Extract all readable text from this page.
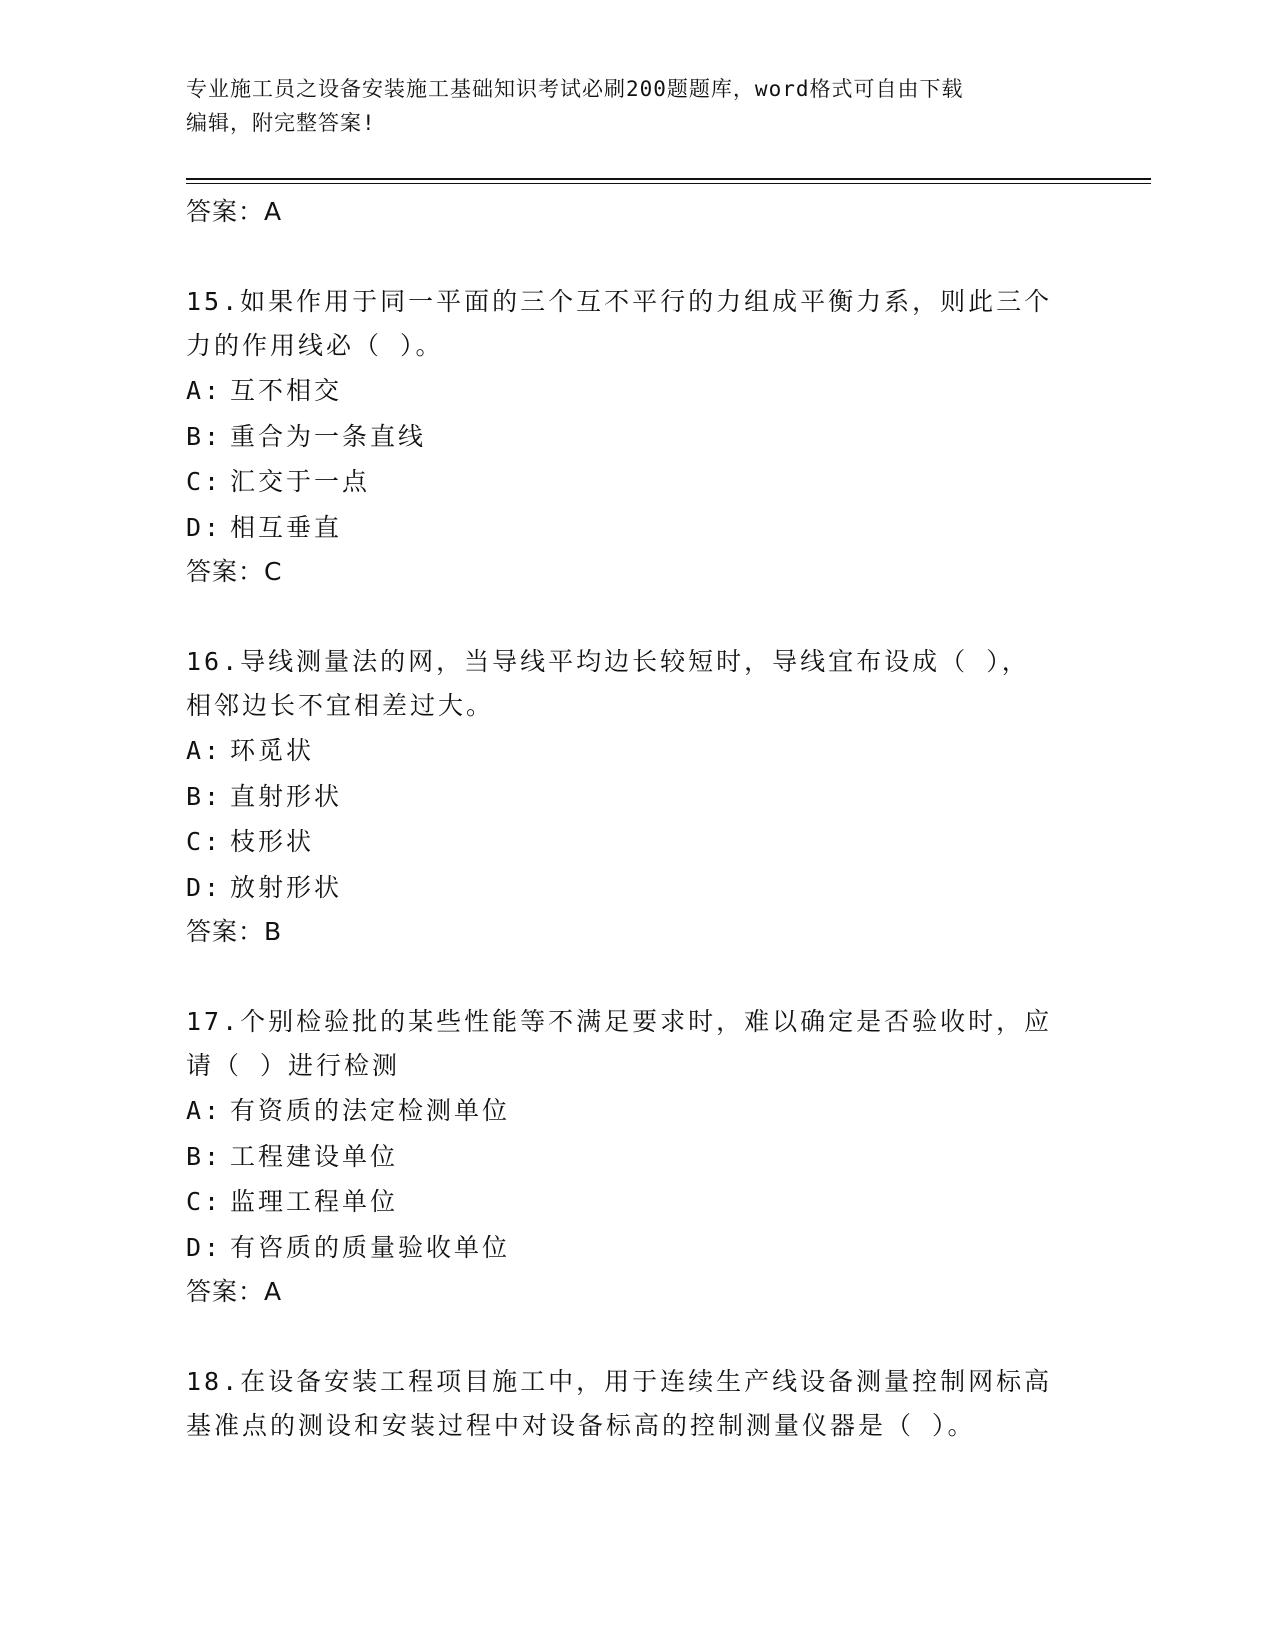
专业施工员之设备安装施工基础知识考试必刷200题题库，word格式可自由下载
编辑，附完整答案!
答案：A
15.如果作用于同一平面的三个互不平行的力组成平衡力系，则此三个
力的作用线必（ ）。
A: 互不相交
B: 重合为一条直线
C: 汇交于一点
D: 相互垂直
答案：C
16.导线测量法的网，当导线平均边长较短时，导线宜布设成（ ），
相邻边长不宜相差过大。
A: 环觅状
B: 直射形状
C: 枝形状
D: 放射形状
答案：B
17.个别检验批的某些性能等不满足要求时，难以确定是否验收时，应
请（ ）进行检测
A: 有资质的法定检测单位
B: 工程建设单位
C: 监理工程单位
D: 有咨质的质量验收单位
答案：A
18.在设备安装工程项目施工中，用于连续生产线设备测量控制网标高
基准点的测设和安装过程中对设备标高的控制测量仪器是（ ）。
